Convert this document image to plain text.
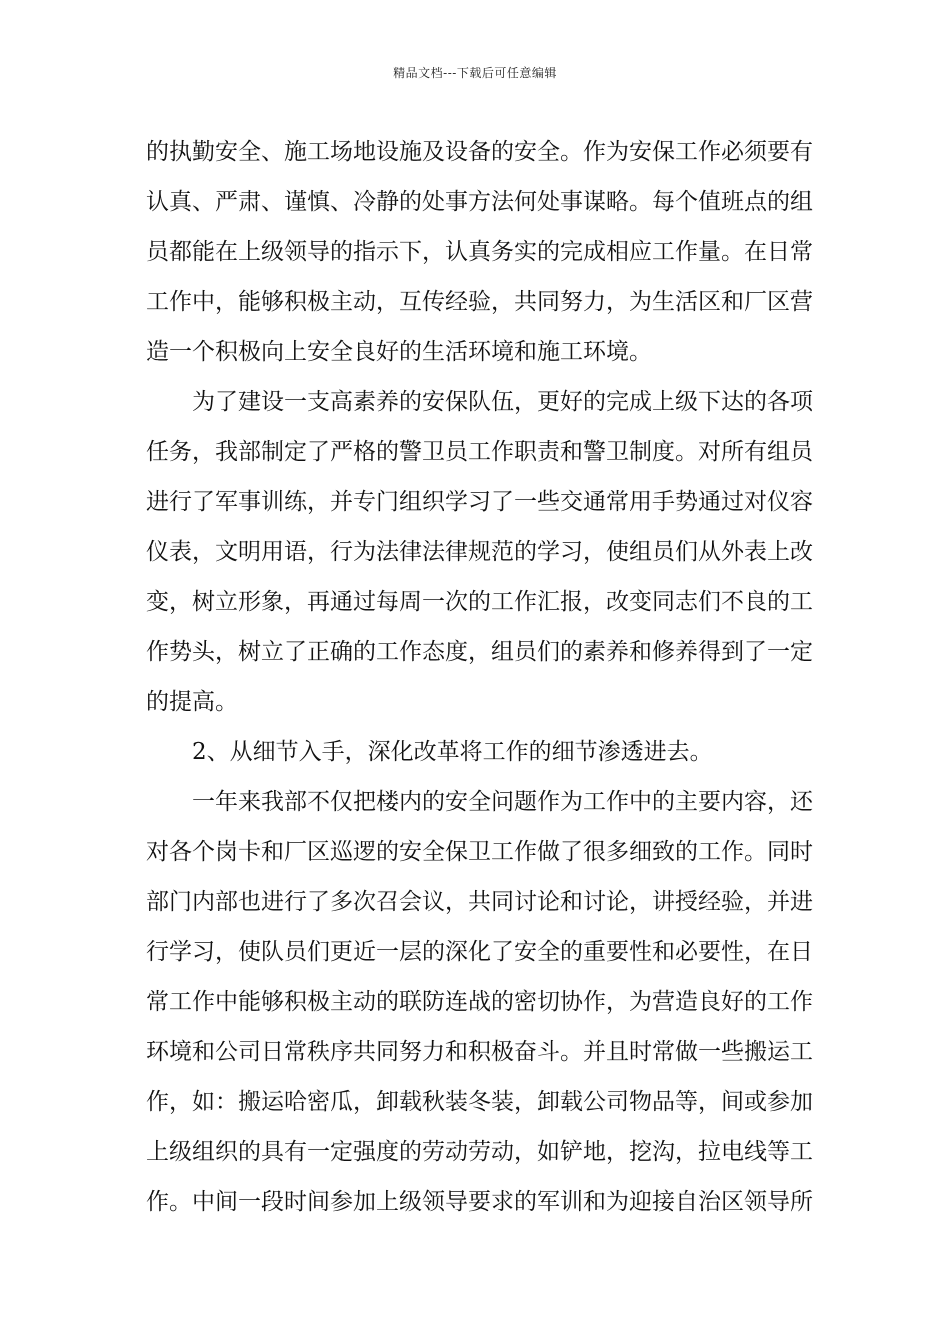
精品文档---下载后可任意编辑
的执勤安全、施工场地设施及设备的安全。作为安保工作必须要有
认真、严肃、谨慎、冷静的处事方法何处事谋略。每个值班点的组
员都能在上级领导的指示下，认真务实的完成相应工作量。在日常
工作中，能够积极主动，互传经验，共同努力，为生活区和厂区营
造一个积极向上安全良好的生活环境和施工环境。
为了建设一支高素养的安保队伍，更好的完成上级下达的各项
任务，我部制定了严格的警卫员工作职责和警卫制度。对所有组员
进行了军事训练，并专门组织学习了一些交通常用手势通过对仪容
仪表，文明用语，行为法律法律规范的学习，使组员们从外表上改
变，树立形象，再通过每周一次的工作汇报，改变同志们不良的工
作势头，树立了正确的工作态度，组员们的素养和修养得到了一定
的提高。
2、从细节入手，深化改革将工作的细节渗透进去。
一年来我部不仅把楼内的安全问题作为工作中的主要内容，还
对各个岗卡和厂区巡逻的安全保卫工作做了很多细致的工作。同时
部门内部也进行了多次召会议，共同讨论和讨论，讲授经验，并进
行学习，使队员们更近一层的深化了安全的重要性和必要性，在日
常工作中能够积极主动的联防连战的密切协作，为营造良好的工作
环境和公司日常秩序共同努力和积极奋斗。并且时常做一些搬运工
作，如：搬运哈密瓜，卸载秋装冬装，卸载公司物品等，间或参加
上级组织的具有一定强度的劳动劳动，如铲地，挖沟，拉电线等工
作。中间一段时间参加上级领导要求的军训和为迎接自治区领导所
